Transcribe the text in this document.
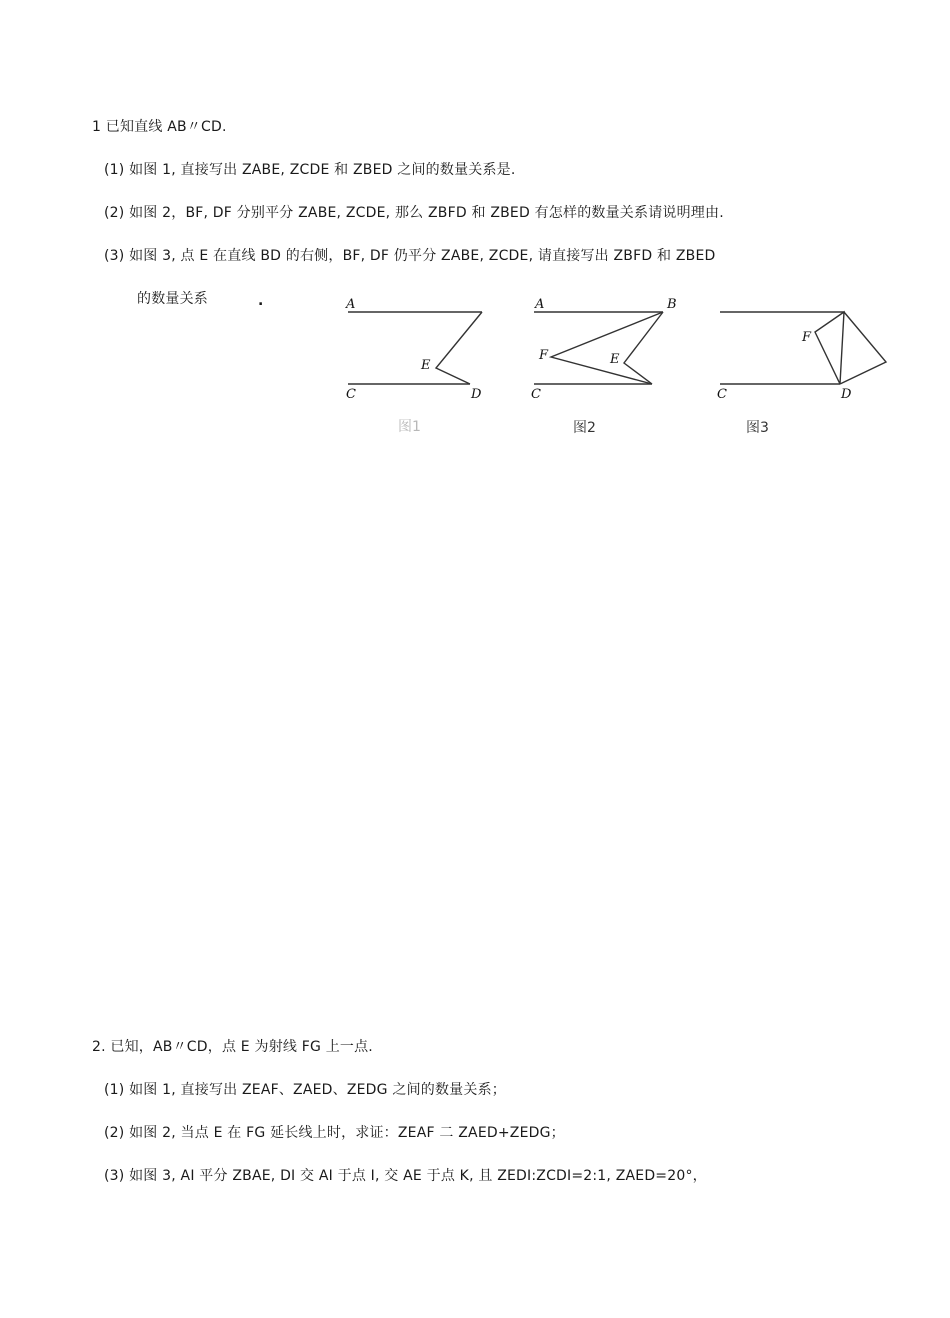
1 已知直线 AB〃CD.
(1) 如图 1, 直接写出 ZABE, ZCDE 和 ZBED 之间的数量关系是.
(2) 如图 2，BF, DF 分别平分 ZABE, ZCDE, 那么 ZBFD 和 ZBED 有怎样的数量关系请说明理由.
(3) 如图 3, 点 E 在直线 BD 的右侧，BF, DF 仍平分 ZABE, ZCDE, 请直接写出 ZBFD 和 ZBED
的数量关系	.	A
C	D
E
图1
A	B
C
F	E
图2
C	D
F
图3
2. 已知，AB〃CD，点 E 为射线 FG 上一点.
(1) 如图 1, 直接写出 ZEAF、ZAED、ZEDG 之间的数量关系；
(2) 如图 2, 当点 E 在 FG 延长线上时，求证：ZEAF 二 ZAED+ZEDG；
(3) 如图 3, AI 平分 ZBAE, DI 交 AI 于点 I, 交 AE 于点 K, 且 ZEDI:ZCDI=2:1, ZAED=20°，
